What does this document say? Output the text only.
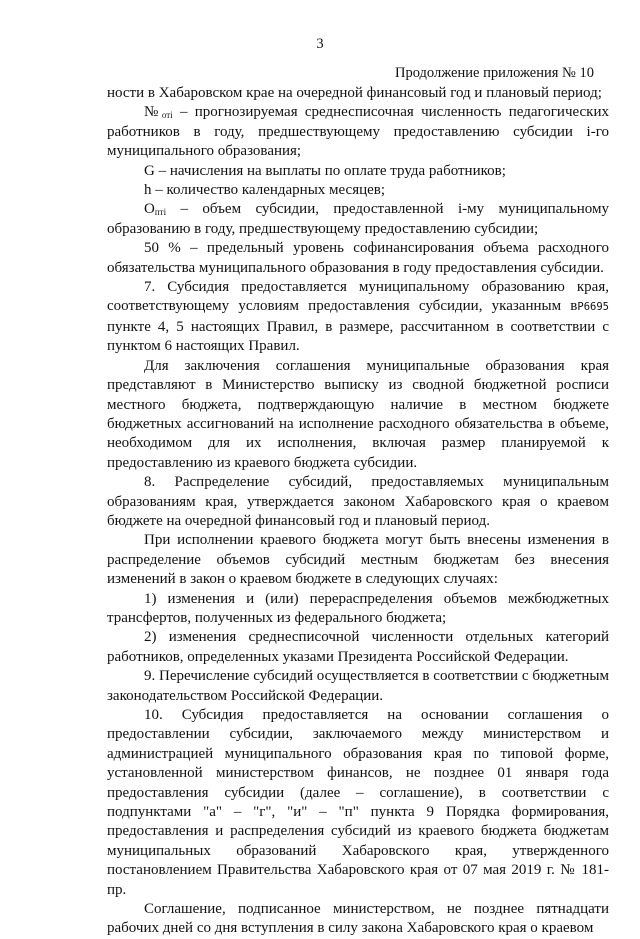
3
Продолжение приложения № 10

ности в Хабаровском крае на очередной финансовый год и плановый период;

$№_{отi}$ – прогнозируемая среднесписочная численность педагогических работников в году, предшествующему предоставлению субсидии i-го муниципального образования;

G – начисления на выплаты по оплате труда работников;

h – количество календарных месяцев;

$О_{птi}$ – объем субсидии, предоставленной i-му муниципальному образованию в году, предшествующему предоставлению субсидии;

50 % – предельный уровень софинансирования объема расходного обязательства муниципального образования в году предоставления субсидии.

7. Субсидия предоставляется муниципальному образованию края, соответствующему условиям предоставления субсидии, указанным вP6695 пункте 4, 5 настоящих Правил, в размере, рассчитанном в соответствии с пунктом 6 настоящих Правил.

Для заключения соглашения муниципальные образования края представляют в Министерство выписку из сводной бюджетной росписи местного бюджета, подтверждающую наличие в местном бюджете бюджетных ассигнований на исполнение расходного обязательства в объеме, необходимом для их исполнения, включая размер планируемой к предоставлению из краевого бюджета субсидии.

8. Распределение субсидий, предоставляемых муниципальным образованиям края, утверждается законом Хабаровского края о краевом бюджете на очередной финансовый год и плановый период.

При исполнении краевого бюджета могут быть внесены изменения в распределение объемов субсидий местным бюджетам без внесения изменений в закон о краевом бюджете в следующих случаях:

1) изменения и (или) перераспределения объемов межбюджетных трансфертов, полученных из федерального бюджета;

2) изменения среднесписочной численности отдельных категорий работников, определенных указами Президента Российской Федерации.

9. Перечисление субсидий осуществляется в соответствии с бюджетным законодательством Российской Федерации.

10. Субсидия предоставляется на основании соглашения о предоставлении субсидии, заключаемого между министерством и администрацией муниципального образования края по типовой форме, установленной министерством финансов, не позднее 01 января года предоставления субсидии (далее – соглашение), в соответствии с подпунктами "а" – "г", "и" – "п" пункта 9 Порядка формирования, предоставления и распределения субсидий из краевого бюджета бюджетам муниципальных образований Хабаровского края, утвержденного постановлением Правительства Хабаровского края от 07 мая 2019 г. № 181-пр.

Соглашение, подписанное министерством, не позднее пятнадцати рабочих дней со дня вступления в силу закона Хабаровского края о краевом
